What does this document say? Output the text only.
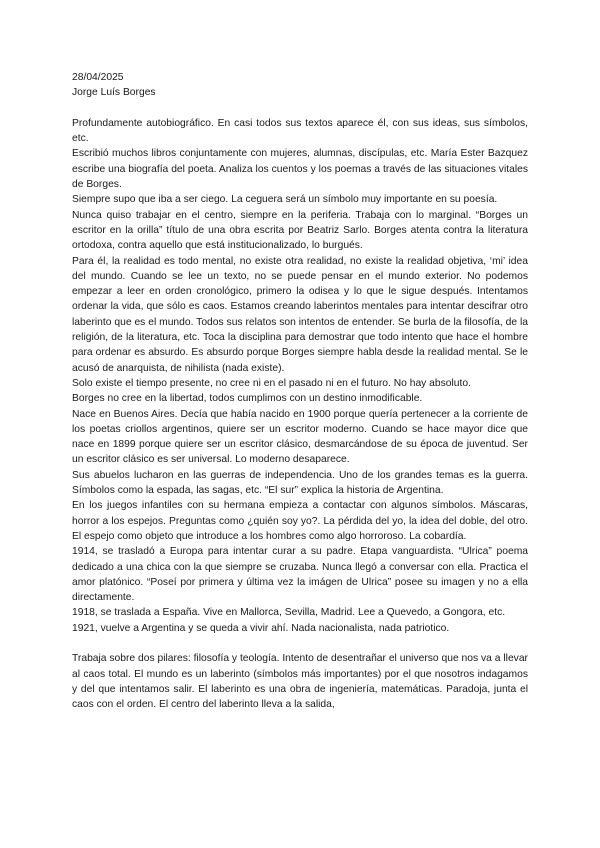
28/04/2025

Jorge Luís Borges

Profundamente autobiográfico. En casi todos sus textos aparece él, con sus ideas, sus símbolos, etc.

Escribió muchos libros conjuntamente con mujeres, alumnas, discípulas, etc. María Ester Bazquez escribe una biografía del poeta. Analiza los cuentos y los poemas a través de las situaciones vitales de Borges.

Siempre supo que iba a ser ciego. La ceguera será un símbolo muy importante en su poesía.

Nunca quiso trabajar en el centro, siempre en la periferia. Trabaja con lo marginal. “Borges un escritor en la orilla” título de una obra escrita por Beatriz Sarlo. Borges atenta contra la literatura ortodoxa, contra aquello que está institucionalizado, lo burgués.

Para él, la realidad es todo mental, no existe otra realidad, no existe la realidad objetiva, ‘mi’ idea del mundo. Cuando se lee un texto, no se puede pensar en el mundo exterior. No podemos empezar a leer en orden cronológico, primero la odisea y lo que le sigue después. Intentamos ordenar la vida, que sólo es caos. Estamos creando laberintos mentales para intentar descifrar otro laberinto que es el mundo. Todos sus relatos son intentos de entender. Se burla de la filosofía, de la religión, de la literatura, etc. Toca la disciplina para demostrar que todo intento que hace el hombre para ordenar es absurdo. Es absurdo porque Borges siempre habla desde la realidad mental. Se le acusó de anarquista, de nihilista (nada existe).

Solo existe el tiempo presente, no cree ni en el pasado ni en el futuro. No hay absoluto.

Borges no cree en la libertad, todos cumplimos con un destino inmodificable.

Nace en Buenos Aires. Decía que había nacido en 1900 porque quería pertenecer a la corriente de los poetas criollos argentinos, quiere ser un escritor moderno. Cuando se hace mayor dice que nace en 1899 porque quiere ser un escritor clásico, desmarcándose de su época de juventud. Ser un escritor clásico es ser universal. Lo moderno desaparece.

Sus abuelos lucharon en las guerras de independencia. Uno de los grandes temas es la guerra. Símbolos como la espada, las sagas, etc. “El sur” explica la historia de Argentina.

En los juegos infantiles con su hermana empieza a contactar con algunos símbolos. Máscaras, horror a los espejos. Preguntas como ¿quién soy yo?. La pérdida del yo, la idea del doble, del otro. El espejo como objeto que introduce a los hombres como algo horroroso. La cobardía.

1914, se trasladó a Europa para intentar curar a su padre. Etapa vanguardista. “Ulrica” poema dedicado a una chica con la que siempre se cruzaba. Nunca llegó a conversar con ella. Practica el amor platónico. “Poseí por primera y última vez la imágen de Ulrica” posee su imagen y no a ella directamente.

1918, se traslada a España. Vive en Mallorca, Sevilla, Madrid. Lee a Quevedo, a Gongora, etc.

1921, vuelve a Argentina y se queda a vivir ahí. Nada nacionalista, nada patriotico.

Trabaja sobre dos pilares: filosofía y teología. Intento de desentrañar el universo que nos va a llevar al caos total. El mundo es un laberinto (símbolos más importantes) por el que nosotros indagamos y del que intentamos salir. El laberinto es una obra de ingeniería, matemáticas. Paradoja, junta el caos con el orden. El centro del laberinto lleva a la salida,
